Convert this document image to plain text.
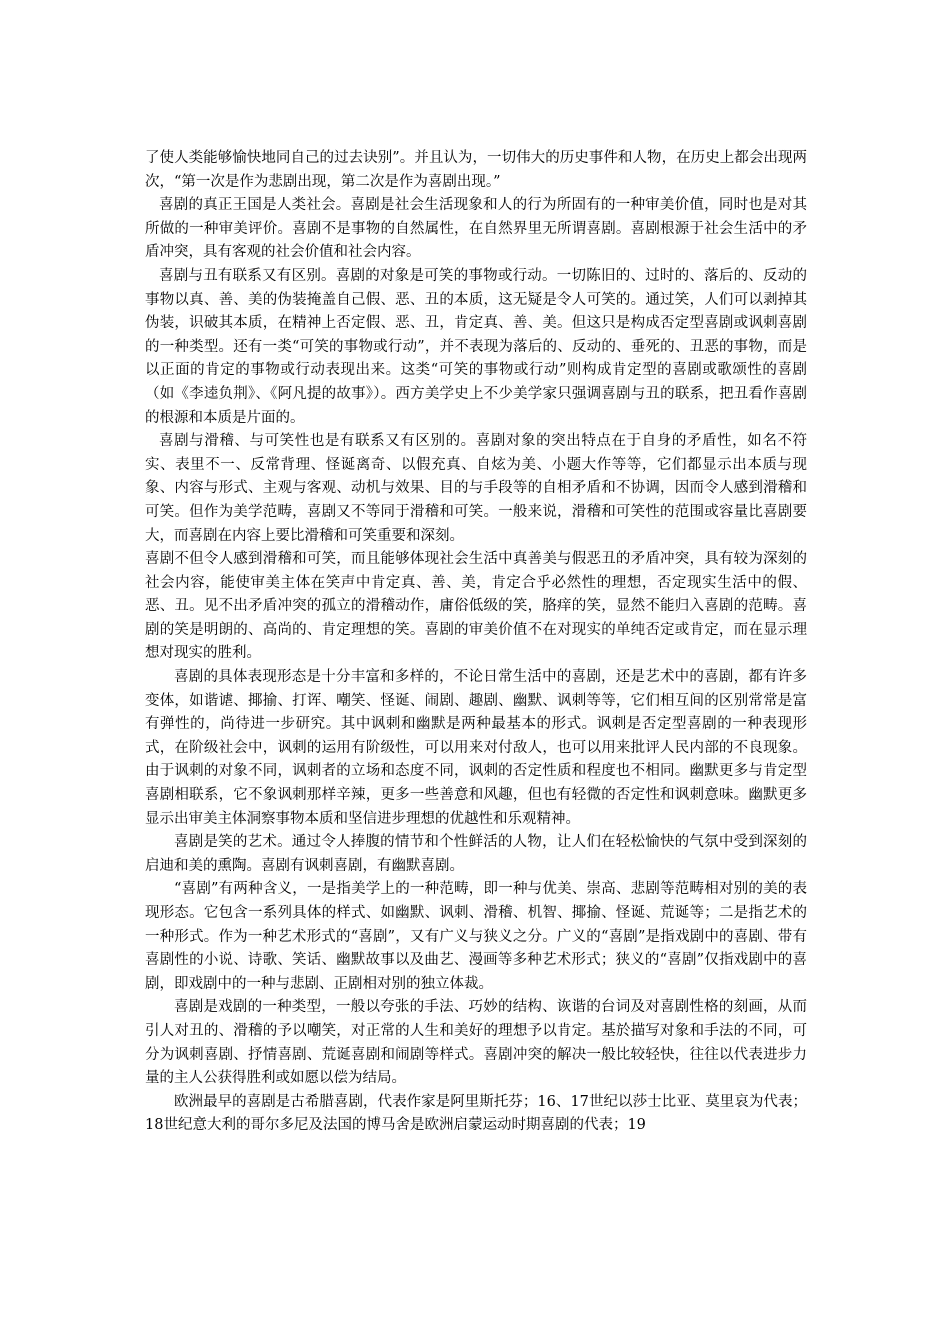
了使人类能够愉快地同自己的过去诀别”。并且认为，一切伟大的历史事件和人物，在历史上都会出现两次，“第一次是作为悲剧出现，第二次是作为喜剧出现。”

喜剧的真正王国是人类社会。喜剧是社会生活现象和人的行为所固有的一种审美价值，同时也是对其所做的一种审美评价。喜剧不是事物的自然属性，在自然界里无所谓喜剧。喜剧根源于社会生活中的矛盾冲突，具有客观的社会价值和社会内容。

喜剧与丑有联系又有区别。喜剧的对象是可笑的事物或行动。一切陈旧的、过时的、落后的、反动的事物以真、善、美的伪装掩盖自己假、恶、丑的本质，这无疑是令人可笑的。通过笑，人们可以剥掉其伪装，识破其本质，在精神上否定假、恶、丑，肯定真、善、美。但这只是构成否定型喜剧或讽刺喜剧的一种类型。还有一类“可笑的事物或行动”，并不表现为落后的、反动的、垂死的、丑恶的事物，而是以正面的肯定的事物或行动表现出来。这类“可笑的事物或行动”则构成肯定型的喜剧或歌颂性的喜剧（如《李逵负荆》、《阿凡提的故事》）。西方美学史上不少美学家只强调喜剧与丑的联系，把丑看作喜剧的根源和本质是片面的。

喜剧与滑稽、与可笑性也是有联系又有区别的。喜剧对象的突出特点在于自身的矛盾性，如名不符实、表里不一、反常背理、怪诞离奇、以假充真、自炫为美、小题大作等等，它们都显示出本质与现象、内容与形式、主观与客观、动机与效果、目的与手段等的自相矛盾和不协调，因而令人感到滑稽和可笑。但作为美学范畴，喜剧又不等同于滑稽和可笑。一般来说，滑稽和可笑性的范围或容量比喜剧要大，而喜剧在内容上要比滑稽和可笑重要和深刻。

喜剧不但令人感到滑稽和可笑，而且能够体现社会生活中真善美与假恶丑的矛盾冲突，具有较为深刻的社会内容，能使审美主体在笑声中肯定真、善、美，肯定合乎必然性的理想，否定现实生活中的假、恶、丑。见不出矛盾冲突的孤立的滑稽动作，庸俗低级的笑，胳痒的笑，显然不能归入喜剧的范畴。喜剧的笑是明朗的、高尚的、肯定理想的笑。喜剧的审美价值不在对现实的单纯否定或肯定，而在显示理想对现实的胜利。

喜剧的具体表现形态是十分丰富和多样的，不论日常生活中的喜剧，还是艺术中的喜剧，都有许多变体，如谐谑、揶揄、打诨、嘲笑、怪诞、闹剧、趣剧、幽默、讽刺等等，它们相互间的区别常常是富有弹性的，尚待进一步研究。其中讽刺和幽默是两种最基本的形式。讽刺是否定型喜剧的一种表现形式，在阶级社会中，讽刺的运用有阶级性，可以用来对付敌人，也可以用来批评人民内部的不良现象。由于讽刺的对象不同，讽刺者的立场和态度不同，讽刺的否定性质和程度也不相同。幽默更多与肯定型喜剧相联系，它不象讽刺那样辛辣，更多一些善意和风趣，但也有轻微的否定性和讽刺意味。幽默更多显示出审美主体洞察事物本质和坚信进步理想的优越性和乐观精神。

喜剧是笑的艺术。通过令人捧腹的情节和个性鲜活的人物，让人们在轻松愉快的气氛中受到深刻的启迪和美的熏陶。喜剧有讽刺喜剧，有幽默喜剧。

“喜剧”有两种含义，一是指美学上的一种范畴，即一种与优美、崇高、悲剧等范畴相对别的美的表现形态。它包含一系列具体的样式、如幽默、讽刺、滑稽、机智、揶揄、怪诞、荒诞等；二是指艺术的一种形式。作为一种艺术形式的“喜剧”，又有广义与狭义之分。广义的“喜剧”是指戏剧中的喜剧、带有喜剧性的小说、诗歌、笑话、幽默故事以及曲艺、漫画等多种艺术形式；狭义的“喜剧”仅指戏剧中的喜剧，即戏剧中的一种与悲剧、正剧相对别的独立体裁。

喜剧是戏剧的一种类型，一般以夸张的手法、巧妙的结构、诙谐的台词及对喜剧性格的刻画，从而引人对丑的、滑稽的予以嘲笑，对正常的人生和美好的理想予以肯定。基於描写对象和手法的不同，可分为讽刺喜剧、抒情喜剧、荒诞喜剧和闹剧等样式。喜剧冲突的解决一般比较轻快，往往以代表进步力量的主人公获得胜利或如愿以偿为结局。

欧洲最早的喜剧是古希腊喜剧，代表作家是阿里斯托芬；16、17世纪以莎士比亚、莫里哀为代表；18世纪意大利的哥尔多尼及法国的博马舍是欧洲启蒙运动时期喜剧的代表；19
